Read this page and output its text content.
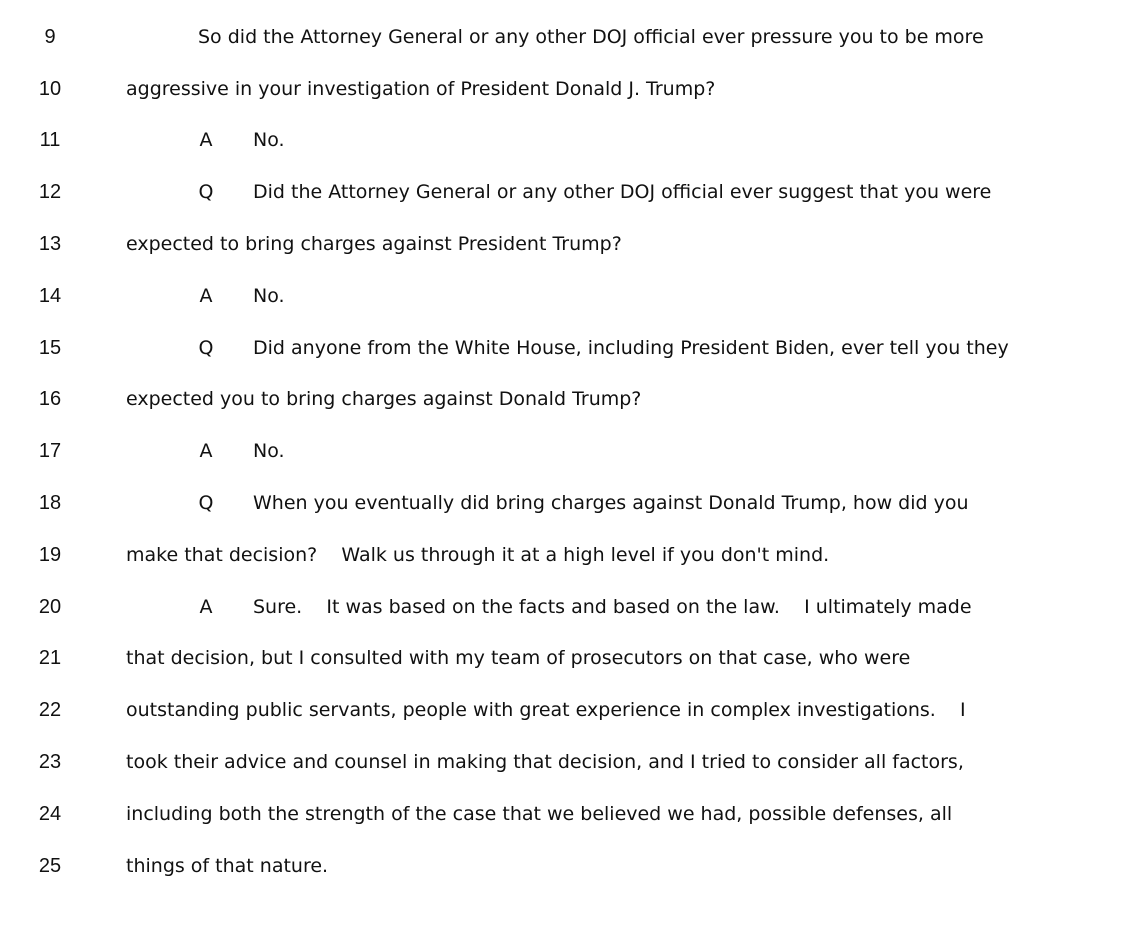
9	So did the Attorney General or any other DOJ official ever pressure you to be more
10	aggressive in your investigation of President Donald J. Trump?
11	A No.
12	Q Did the Attorney General or any other DOJ official ever suggest that you were
13	expected to bring charges against President Trump?
14	A No.
15	Q Did anyone from the White House, including President Biden, ever tell you they
16	expected you to bring charges against Donald Trump?
17	A No.
18	Q When you eventually did bring charges against Donald Trump, how did you
19	make that decision?    Walk us through it at a high level if you don't mind.
20	A Sure.    It was based on the facts and based on the law.    I ultimately made
21	that decision, but I consulted with my team of prosecutors on that case, who were
22	outstanding public servants, people with great experience in complex investigations.    I
23	took their advice and counsel in making that decision, and I tried to consider all factors,
24	including both the strength of the case that we believed we had, possible defenses, all
25	things of that nature.
